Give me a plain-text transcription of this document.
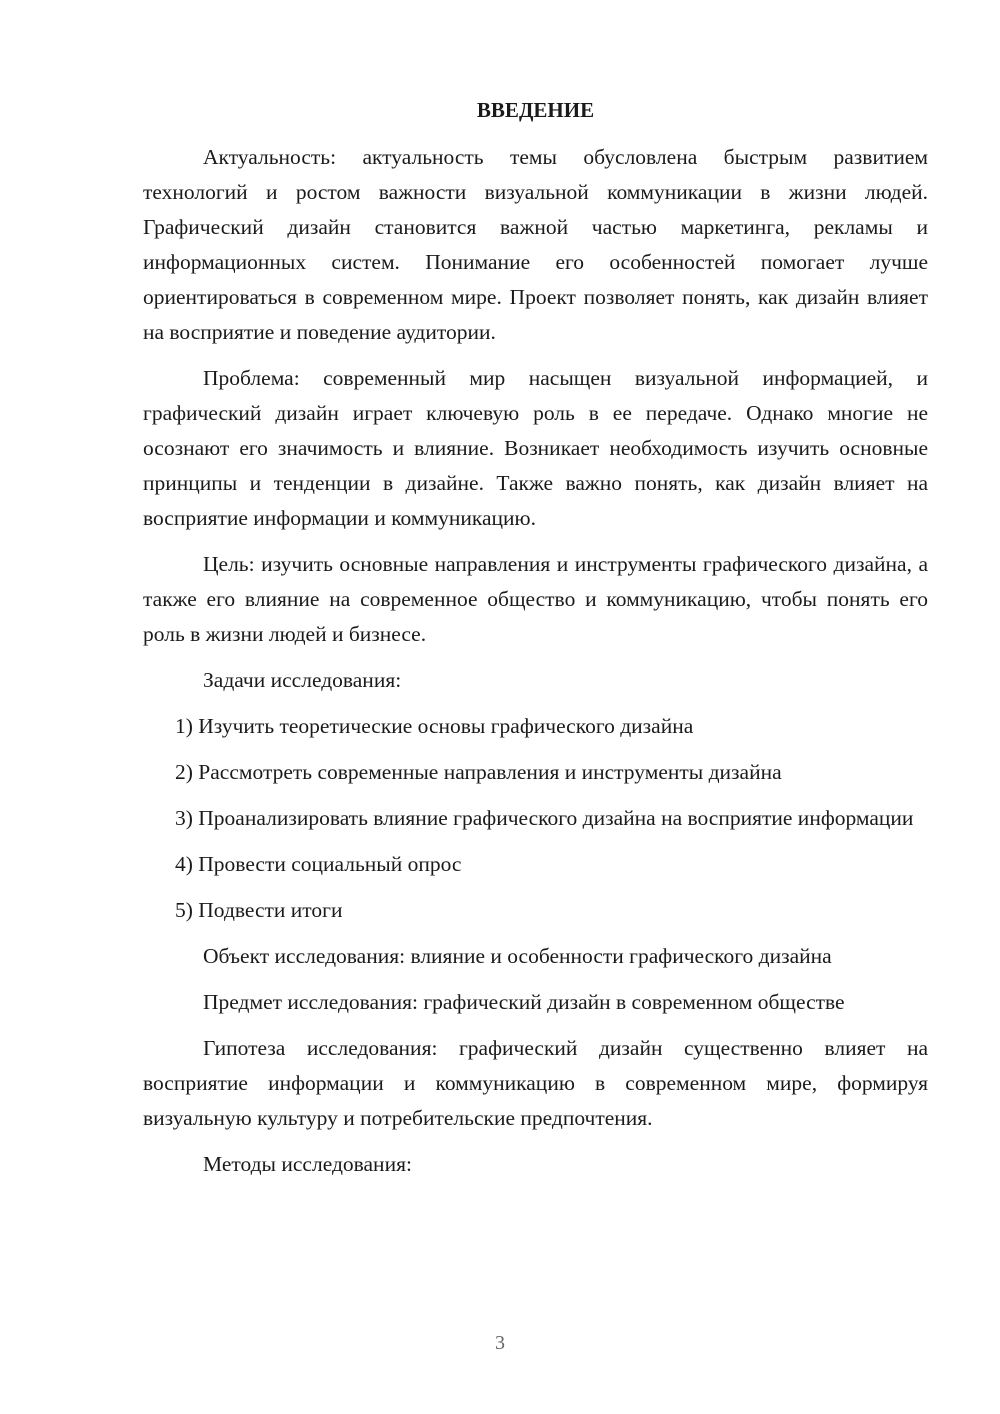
ВВЕДЕНИЕ

Актуальность: актуальность темы обусловлена быстрым развитием технологий и ростом важности визуальной коммуникации в жизни людей. Графический дизайн становится важной частью маркетинга, рекламы и информационных систем. Понимание его особенностей помогает лучше ориентироваться в современном мире. Проект позволяет понять, как дизайн влияет на восприятие и поведение аудитории.

Проблема: современный мир насыщен визуальной информацией, и графический дизайн играет ключевую роль в ее передаче. Однако многие не осознают его значимость и влияние. Возникает необходимость изучить основные принципы и тенденции в дизайне. Также важно понять, как дизайн влияет на восприятие информации и коммуникацию.

Цель: изучить основные направления и инструменты графического дизайна, а также его влияние на современное общество и коммуникацию, чтобы понять его роль в жизни людей и бизнесе.

Задачи исследования:

1) Изучить теоретические основы графического дизайна

2) Рассмотреть современные направления и инструменты дизайна

3) Проанализировать влияние графического дизайна на восприятие информации

4) Провести социальный опрос

5) Подвести итоги

Объект исследования: влияние и особенности графического дизайна

Предмет исследования: графический дизайн в современном обществе

Гипотеза исследования: графический дизайн существенно влияет на восприятие информации и коммуникацию в современном мире, формируя визуальную культуру и потребительские предпочтения.

Методы исследования:

3
